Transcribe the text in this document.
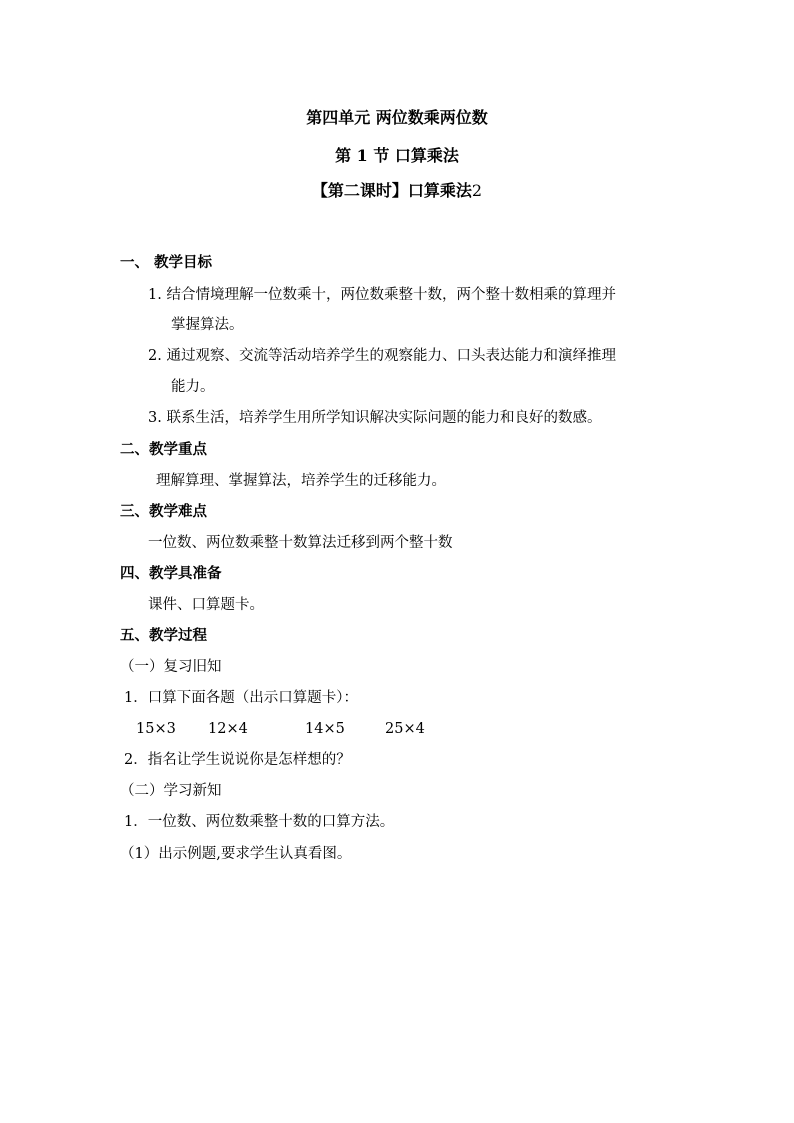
第四单元 两位数乘两位数
第 1 节 口算乘法
【第二课时】口算乘法2
一、 教学目标
1. 结合情境理解一位数乘十，两位数乘整十数，两个整十数相乘的算理并
掌握算法。
2. 通过观察、交流等活动培养学生的观察能力、口头表达能力和演绎推理
能力。
3. 联系生活，培养学生用所学知识解决实际问题的能力和良好的数感。
二、教学重点
理解算理、掌握算法，培养学生的迁移能力。
三、教学难点
一位数、两位数乘整十数算法迁移到两个整十数
四、教学具准备
课件、口算题卡。
五、教学过程
（一）复习旧知
1．口算下面各题（出示口算题卡）：
15×3 12×4	14×5	25×4
2．指名让学生说说你是怎样想的？
（二）学习新知
1．一位数、两位数乘整十数的口算方法。
（1）出示例题,要求学生认真看图。
